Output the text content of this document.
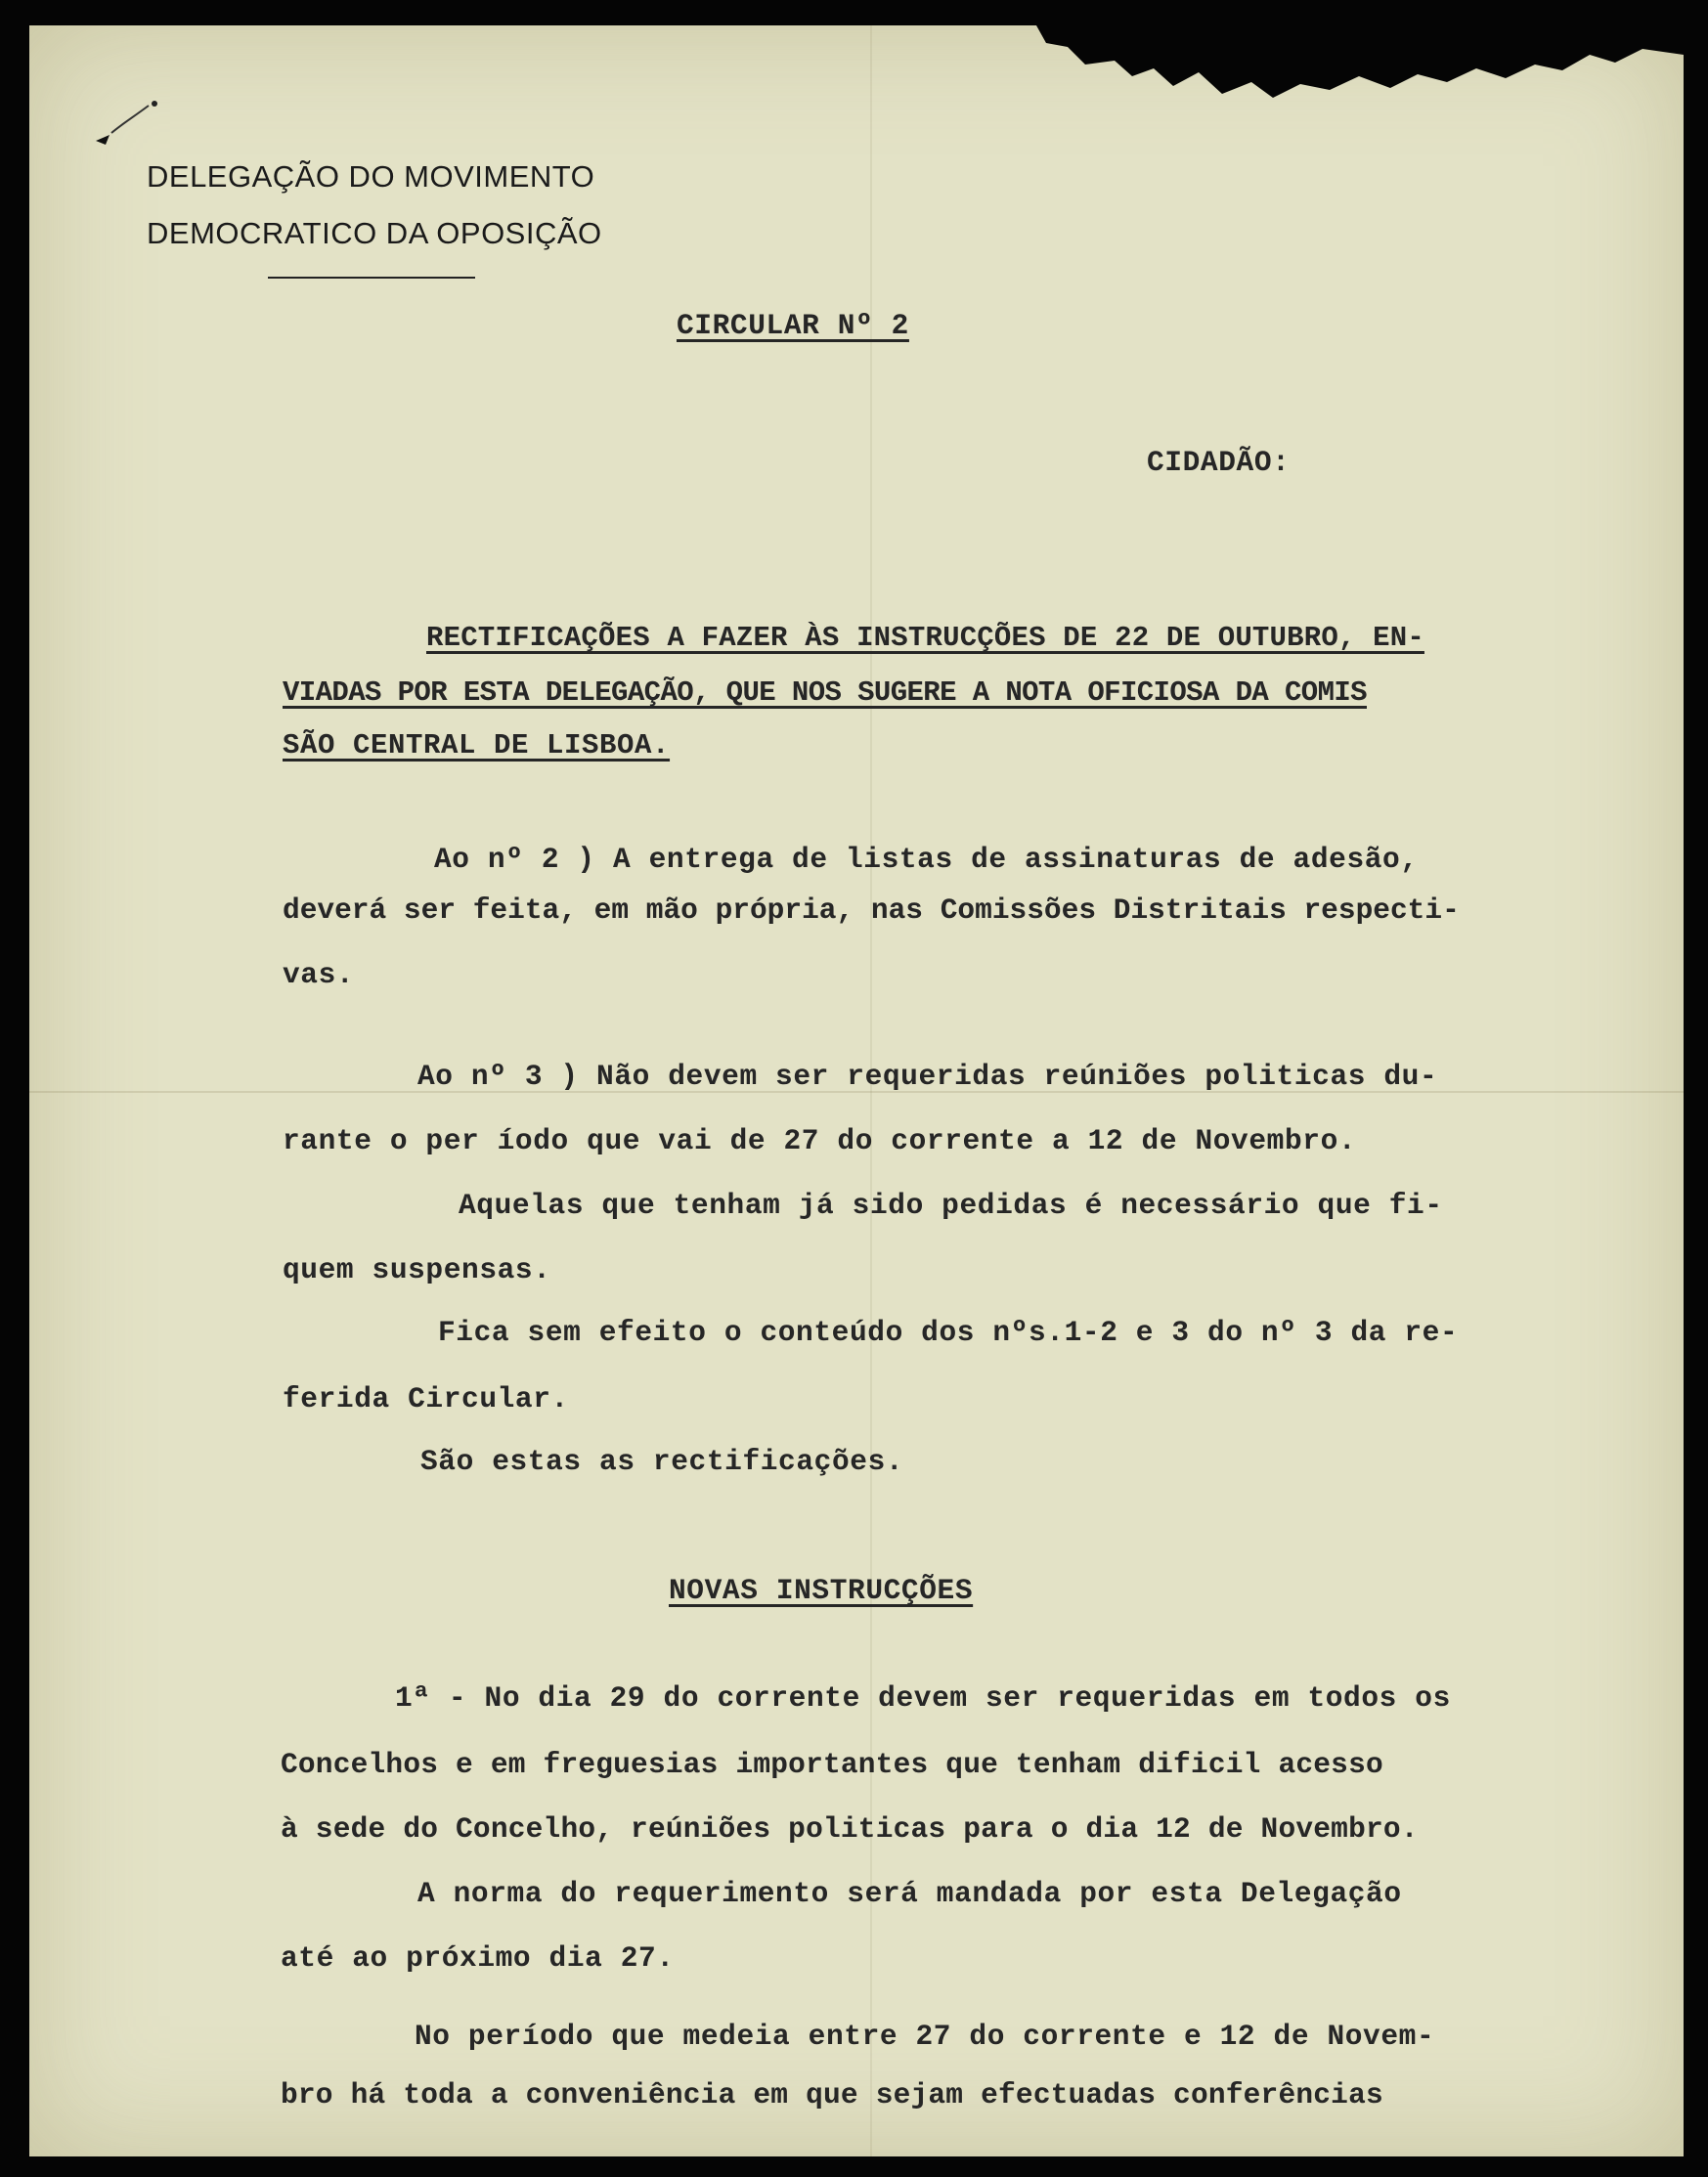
DELEGAÇÃO DO MOVIMENTO
DEMOCRATICO DA OPOSIÇÃO
CIRCULAR Nº 2
CIDADÃO:
RECTIFICAÇÕES A FAZER ÀS INSTRUCÇÕES DE 22 DE OUTUBRO, EN-
VIADAS POR ESTA DELEGAÇÃO, QUE NOS SUGERE A NOTA OFICIOSA DA COMIS
SÃO CENTRAL DE LISBOA.
Ao nº 2 ) A entrega de listas de assinaturas de adesão,
deverá ser feita, em mão própria, nas Comissões Distritais respecti-
vas.
Ao nº 3 ) Não devem ser requeridas reúniões politicas du-
rante o per íodo que vai de 27 do corrente a 12 de Novembro.
Aquelas que tenham já sido pedidas é necessário que fi-
quem suspensas.
Fica sem efeito o conteúdo dos nºs.1-2 e 3 do nº 3 da re-
ferida Circular.
São estas as rectificações.
NOVAS INSTRUCÇÕES
1ª - No dia 29 do corrente devem ser requeridas em todos os
Concelhos e em freguesias importantes que tenham dificil acesso
à sede do Concelho, reúniões politicas para o dia 12 de Novembro.
A norma do requerimento será mandada por esta Delegação
até ao próximo dia 27.
No período que medeia entre 27 do corrente e 12 de Novem-
bro há toda a conveniência em que sejam efectuadas conferências
